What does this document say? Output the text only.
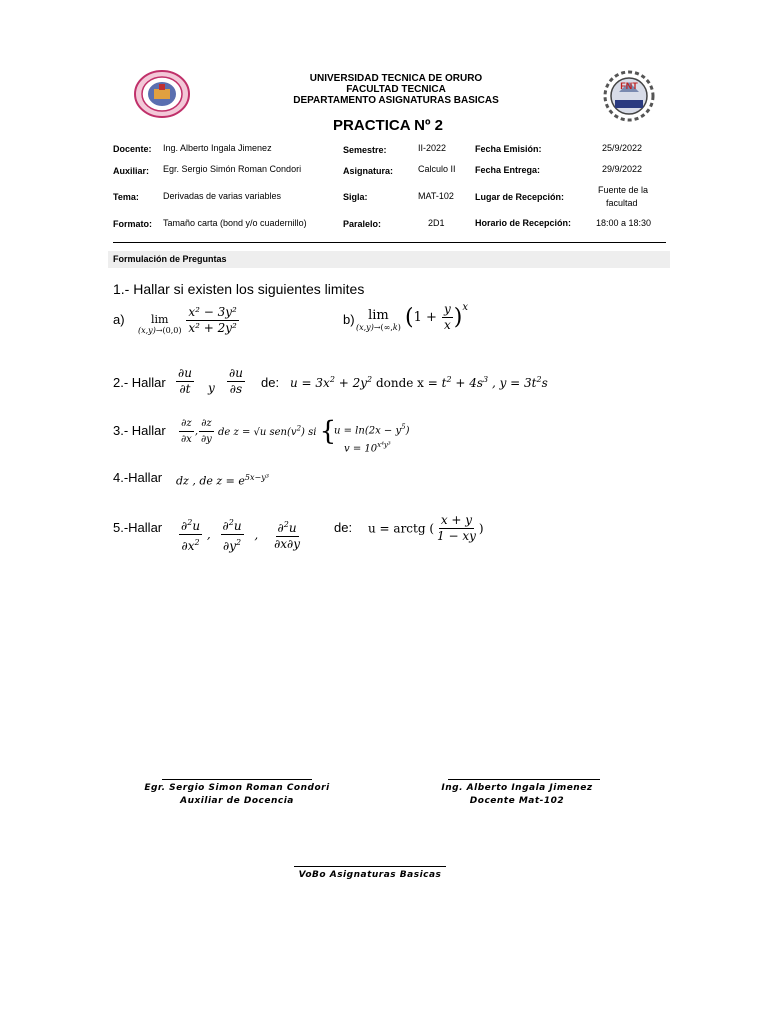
FNT
UNIVERSIDAD TECNICA DE ORURO
FACULTAD TECNICA
DEPARTAMENTO ASIGNATURAS BASICAS
PRACTICA Nº 2
Docente: Ing. Alberto Ingala Jimenez
Auxiliar: Egr. Sergio Simón Roman Condori
Tema:	Derivadas de varias variables
Formato: Tamaño carta (bond y/o cuadernillo)
Semestre:	II-2022
Asignatura:	Calculo II
Sigla:	MAT-102
Paralelo:	2D1
Fecha Emisión:	25/9/2022
Fecha Entrega:	29/9/2022
Lugar de Recepción:
Fuente de la
facultad
Horario de Recepción:	18:00 a 18:30
Formulación de Preguntas
1.- Hallar si existen los siguientes limites
a) lim
(x,y)→(0,0)
$\frac{\text{x² − 3y²}}{\text{x² + 2y²}}$	b) lim
(x,y)→(∞,k) $(1 + \frac{y}{x} )^x$
2.- Hallar $\frac{\partial u}{\partial t}$ y $\frac{\partial u}{\partial s}$ de: $u = 3x^2 + 2y^2$ donde $x = t^2 + 4s^3$ , $y = 3t^2s$
3.- Hallar $\frac{\partial z}{\partial x}$ , $\frac{\partial z}{\partial y}$ de z = √u $sen(v^2)$ si {
$u = \ln(2x - y^5)$
$v = 10^{x^4y^3}$
4.-Hallar dz , de $z = e^{5x-y^3}$
5.-Hallar $\frac{\partial^2u}{\partial x^2}$ , $\frac{\partial^2u}{\partial y^2}$ , $\frac{\partial^2u}{\partial x\partial y}$ de: u = arctg ( $\frac{x + y}{1 - xy}$ )
Egr. Sergio Simon Roman Condori
Auxiliar de Docencia
Ing. Alberto Ingala Jimenez
Docente Mat-102
VoBo Asignaturas Basicas
